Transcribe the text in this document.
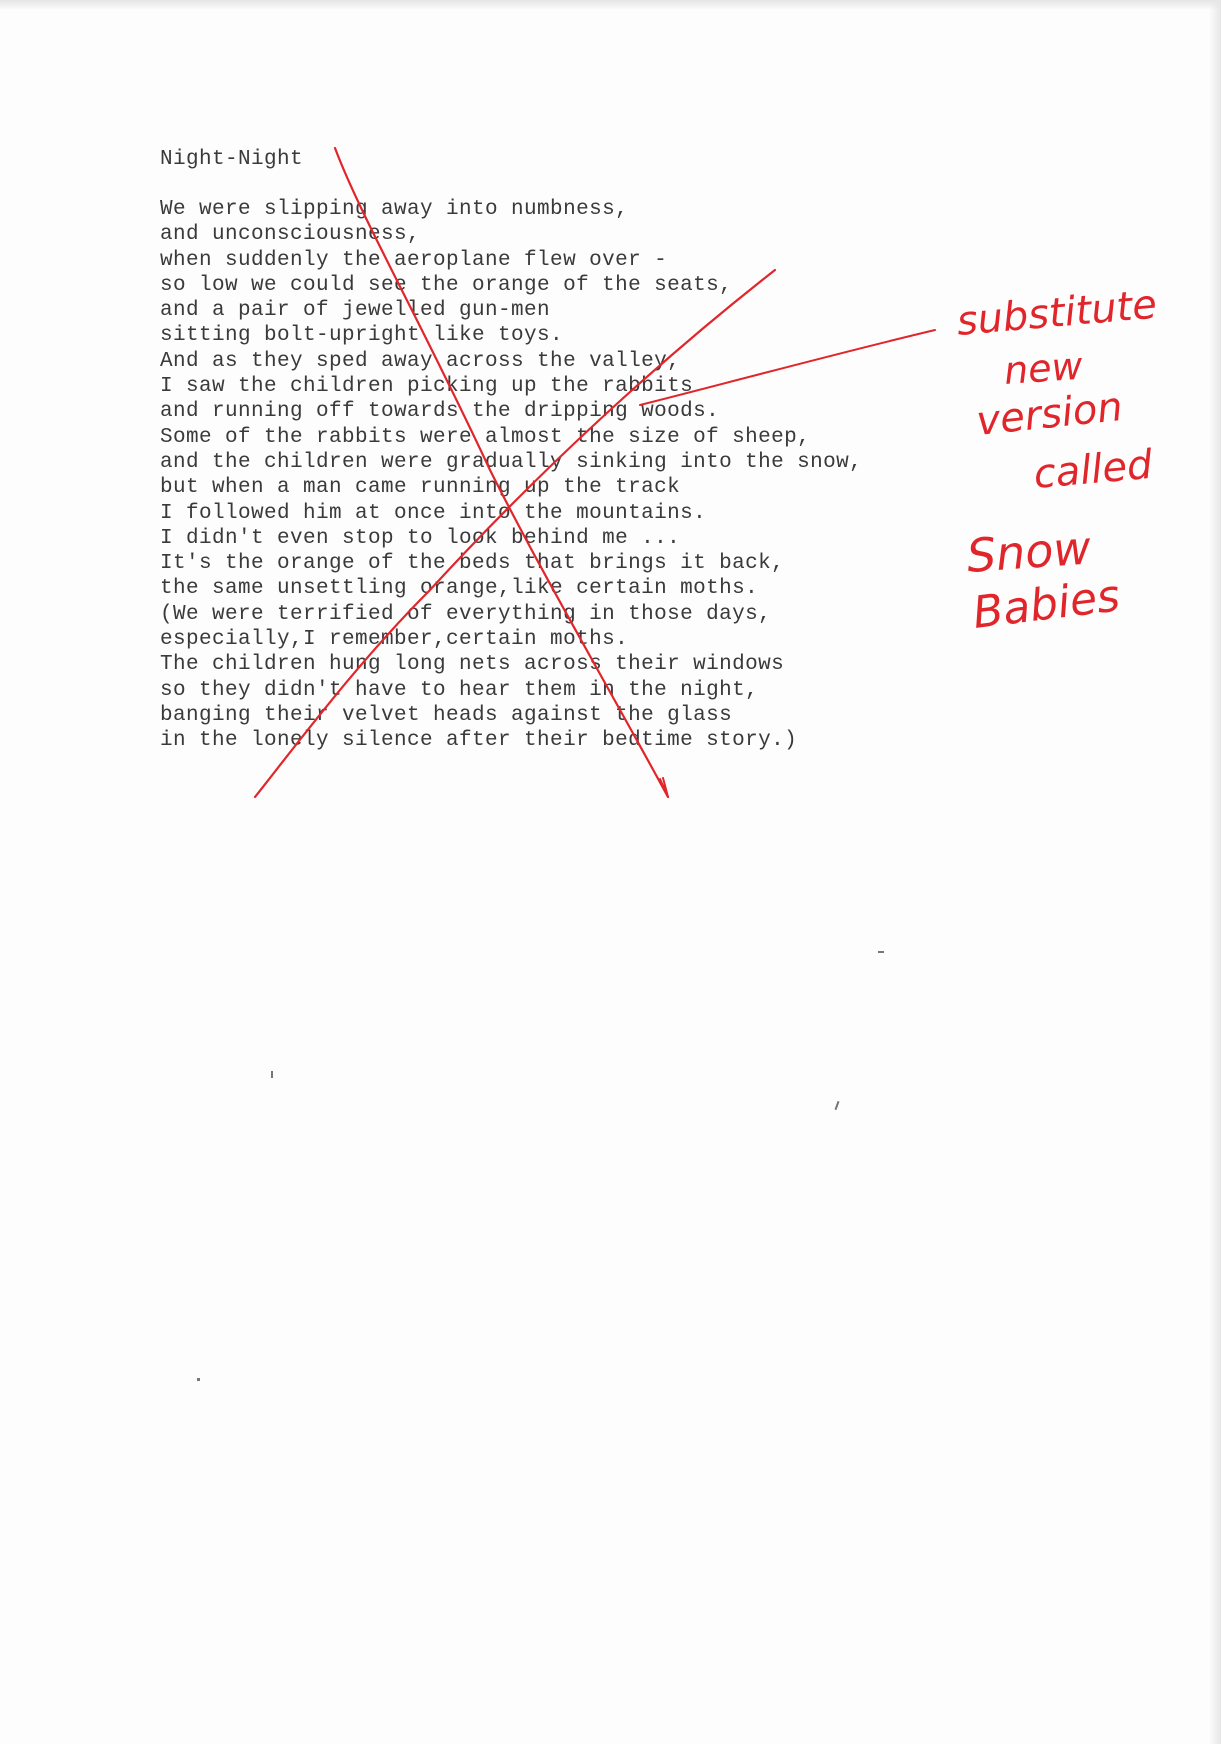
Night-Night
We were slipping away into numbness,
and unconsciousness,
when suddenly the aeroplane flew over -
so low we could see the orange of the seats,
and a pair of jewelled gun-men
sitting bolt-upright like toys.
And as they sped away across the valley,
I saw the children picking up the rabbits
and running off towards the dripping woods.
Some of the rabbits were almost the size of sheep,
and the children were gradually sinking into the snow,
but when a man came running up the track
I followed him at once into the mountains.
I didn't even stop to look behind me ...
It's the orange of the beds that brings it back,
the same unsettling orange,like certain moths.
(We were terrified of everything in those days,
especially,I remember,certain moths.
The children hung long nets across their windows
so they didn't have to hear them in the night,
banging their velvet heads against the glass
in the lonely silence after their bedtime story.)
substitute
new
version
called
Snow
Babies
